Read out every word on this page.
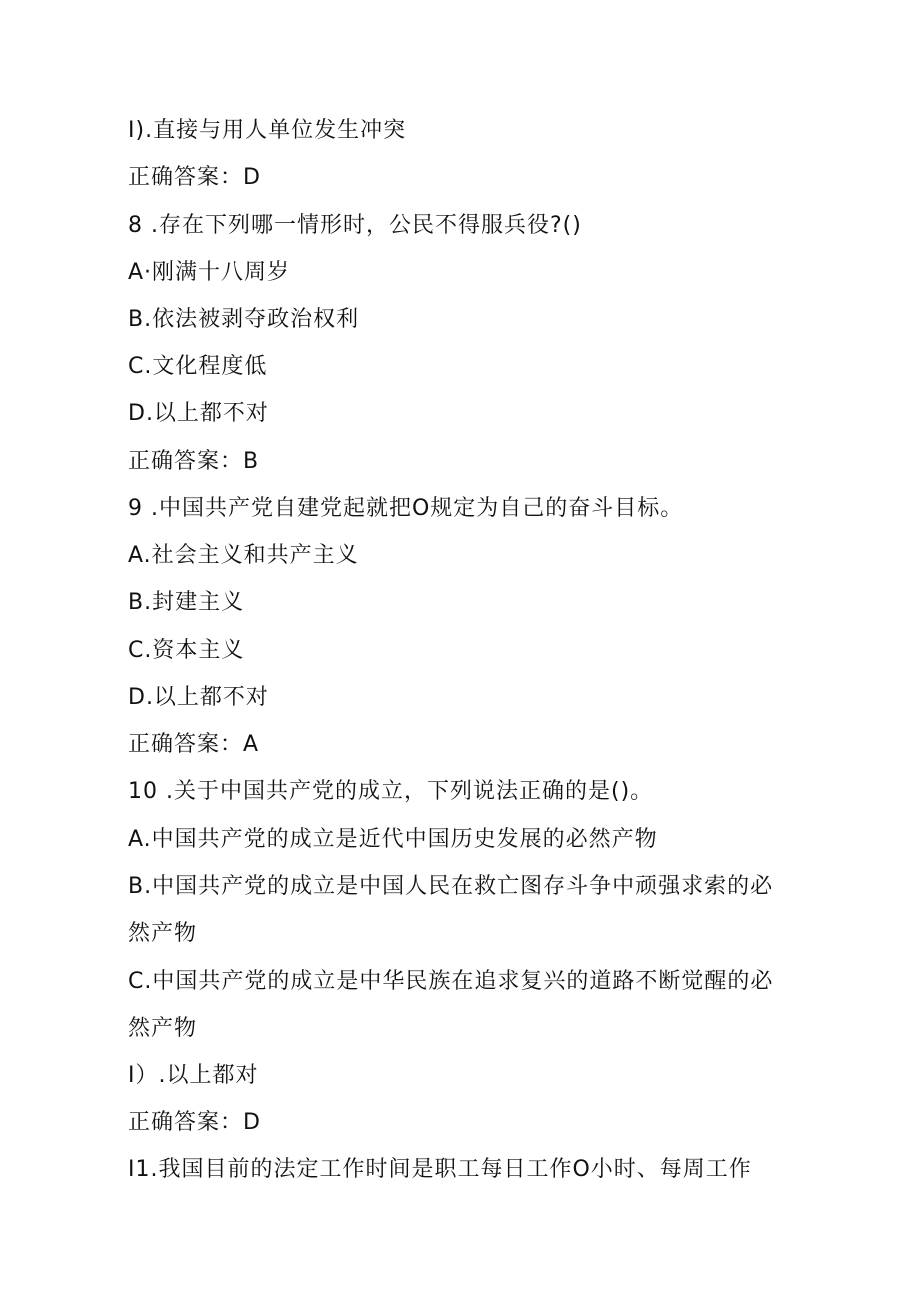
I).直接与用人单位发生冲突
正确答案：D
8 .存在下列哪一情形时，公民不得服兵役?()
A·刚满十八周岁
B.依法被剥夺政治权利
C.文化程度低
D.以上都不对
正确答案：B
9 .中国共产党自建党起就把O规定为自己的奋斗目标。
A.社会主义和共产主义
B.封建主义
C.资本主义
D.以上都不对
正确答案：A
10 .关于中国共产党的成立，下列说法正确的是()。
A.中国共产党的成立是近代中国历史发展的必然产物
B.中国共产党的成立是中国人民在救亡图存斗争中顽强求索的必
然产物
C.中国共产党的成立是中华民族在追求复兴的道路不断觉醒的必
然产物
I）.以上都对
正确答案：D
I1.我国目前的法定工作时间是职工每日工作O小时、每周工作
